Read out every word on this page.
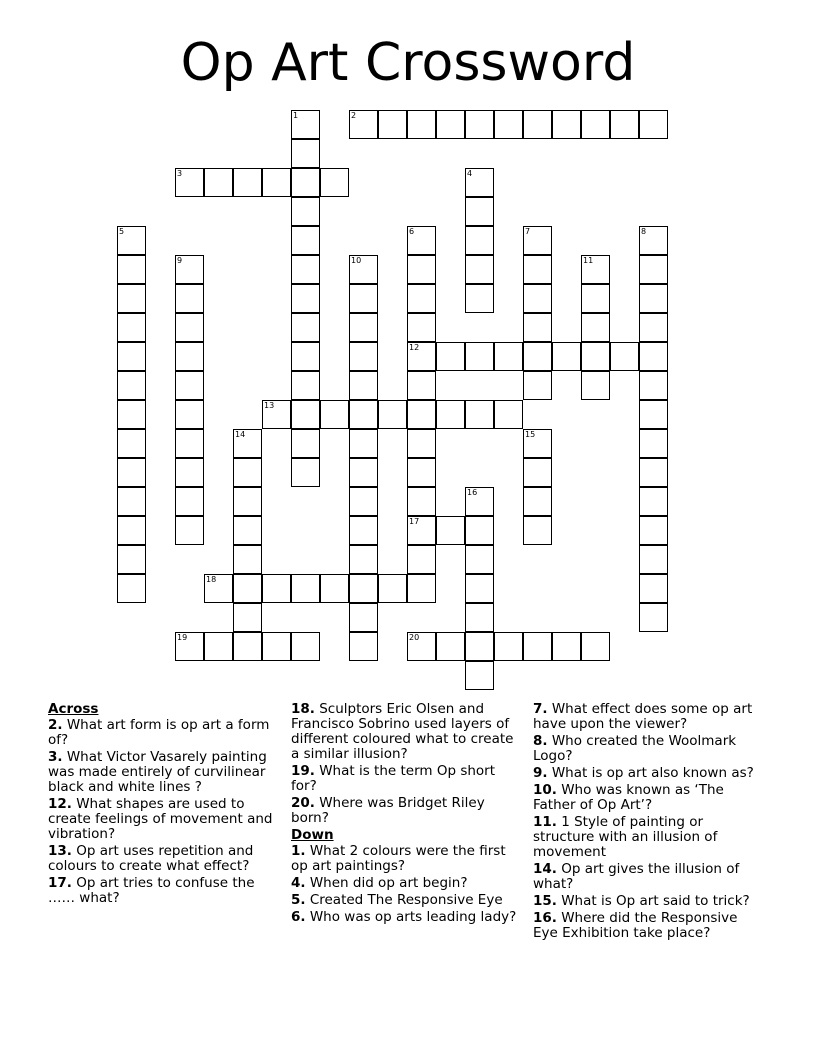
Op Art Crossword
1	2
3	4
5	6
12
17
7	8
9	10	11
13
14	15
16
18
19	20
Across
2. What art form is op art a form of?
3. What Victor Vasarely painting was made entirely of curvilinear black and white lines ?
12. What shapes are used to create feelings of movement and vibration?
13. Op art uses repetition and colours to create what effect?
17. Op art tries to confuse the …… what?
18. Sculptors Eric Olsen and Francisco Sobrino used layers of different coloured what to create a similar illusion?
19. What is the term Op short for?
20. Where was Bridget Riley born?
Down
1. What 2 colours were the first op art paintings?
4. When did op art begin?
5. Created The Responsive Eye
6. Who was op arts leading lady?
7. What effect does some op art have upon the viewer?
8. Who created the Woolmark Logo?
9. What is op art also known as?
10. Who was known as ‘The Father of Op Art’?
11. 1 Style of painting or structure with an illusion of movement
14. Op art gives the illusion of what?
15. What is Op art said to trick?
16. Where did the Responsive Eye Exhibition take place?
